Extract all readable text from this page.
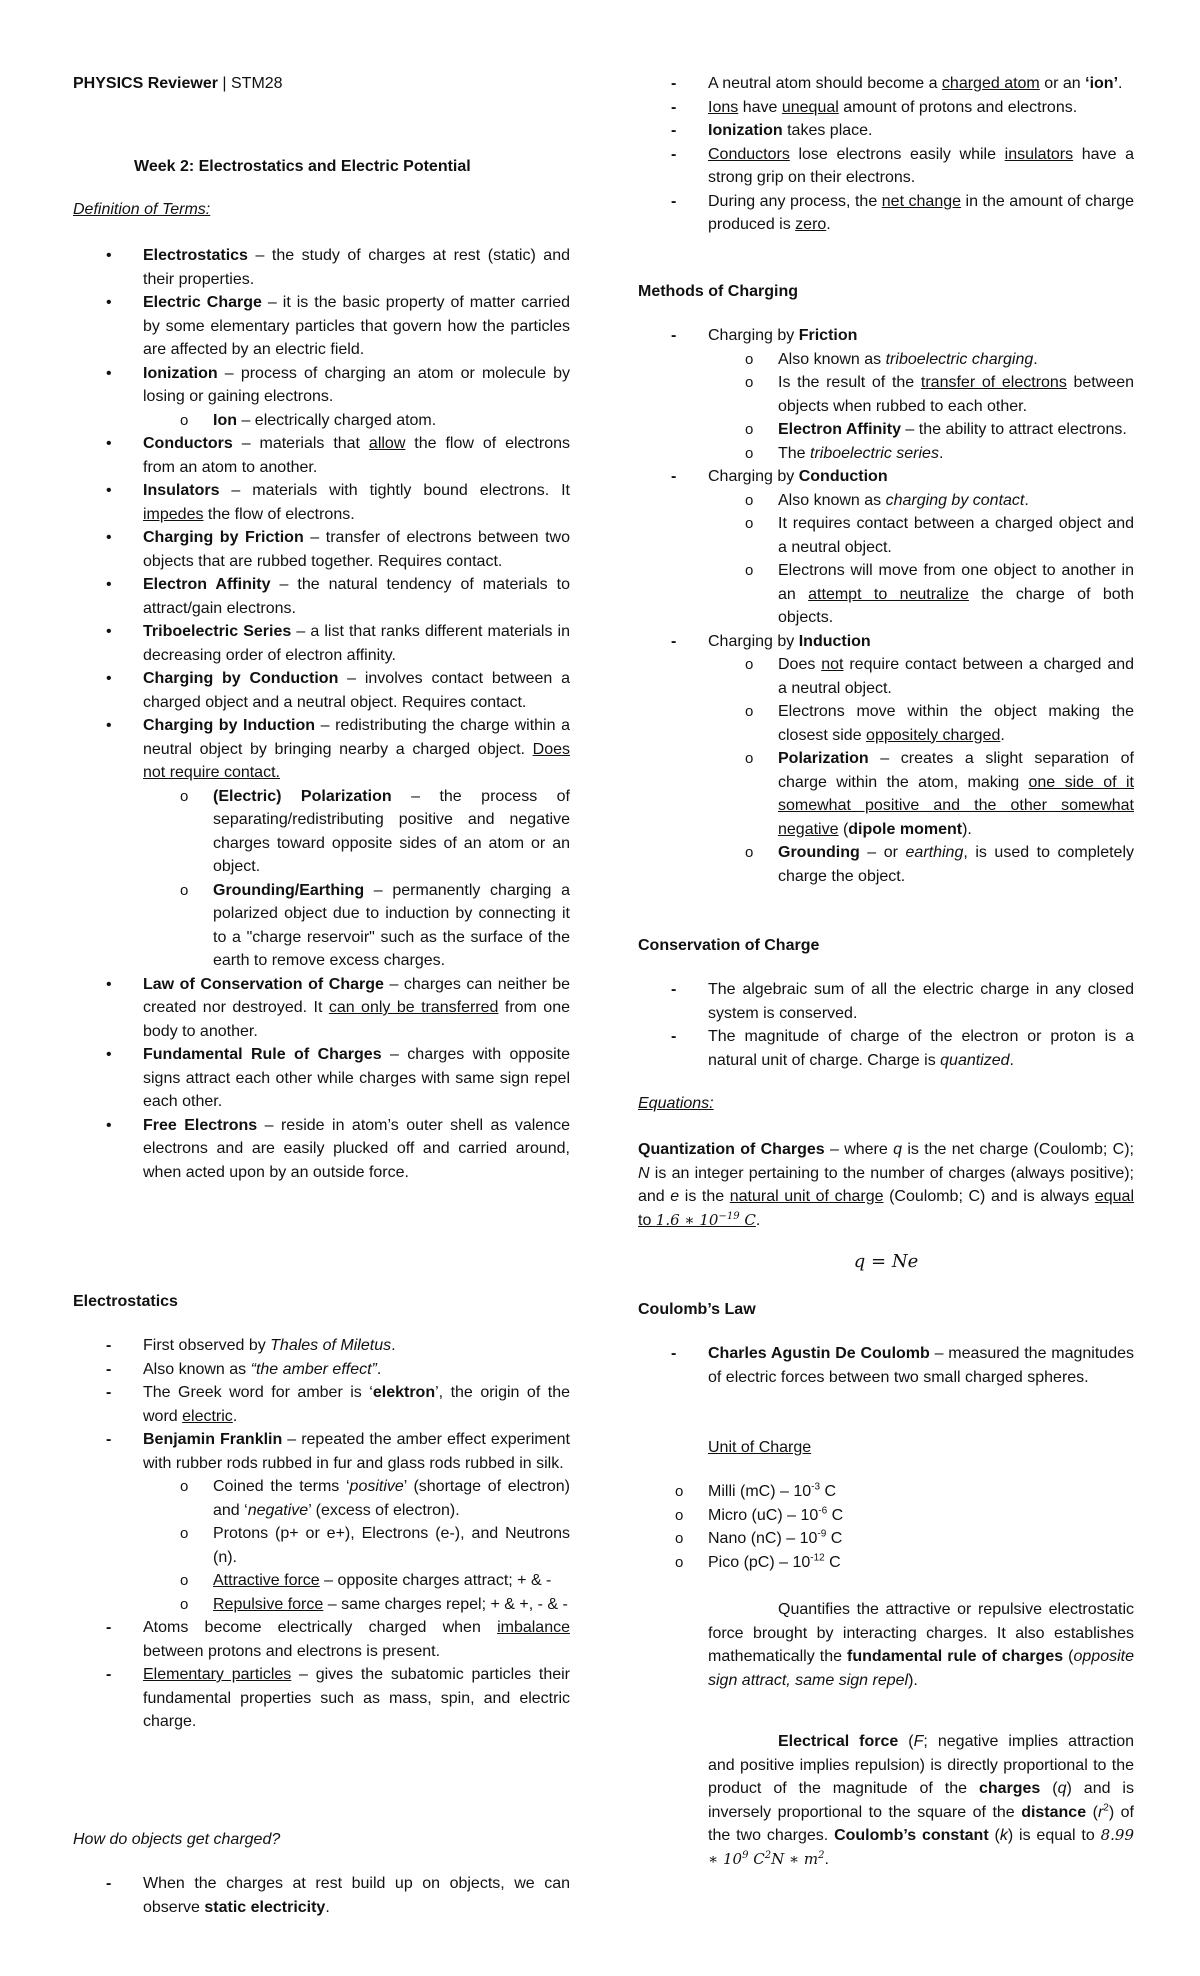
PHYSICS Reviewer | STM28
Week 2: Electrostatics and Electric Potential
Definition of Terms:
• Electrostatics – the study of charges at rest (static) and their properties.
• Electric Charge – it is the basic property of matter carried by some elementary particles that govern how the particles are affected by an electric field.
• Ionization – process of charging an atom or molecule by losing or gaining electrons.
o Ion – electrically charged atom.
• Conductors – materials that allow the flow of electrons from an atom to another.
• Insulators – materials with tightly bound electrons. It impedes the flow of electrons.
• Charging by Friction – transfer of electrons between two objects that are rubbed together. Requires contact.
• Electron Affinity – the natural tendency of materials to attract/gain electrons.
• Triboelectric Series – a list that ranks different materials in decreasing order of electron affinity.
• Charging by Conduction – involves contact between a charged object and a neutral object. Requires contact.
• Charging by Induction – redistributing the charge within a neutral object by bringing nearby a charged object. Does not require contact.
o (Electric) Polarization – the process of separating/redistributing positive and negative charges toward opposite sides of an atom or an object.
o Grounding/Earthing – permanently charging a polarized object due to induction by connecting it to a "charge reservoir" such as the surface of the earth to remove excess charges.
• Law of Conservation of Charge – charges can neither be created nor destroyed. It can only be transferred from one body to another.
• Fundamental Rule of Charges – charges with opposite signs attract each other while charges with same sign repel each other.
• Free Electrons – reside in atom’s outer shell as valence electrons and are easily plucked off and carried around, when acted upon by an outside force.
Electrostatics
- First observed by Thales of Miletus.
- Also known as “the amber effect”.
- The Greek word for amber is ‘elektron’, the origin of the word electric.
- Benjamin Franklin – repeated the amber effect experiment with rubber rods rubbed in fur and glass rods rubbed in silk.
o Coined the terms ‘positive’ (shortage of electron) and ‘negative’ (excess of electron).
o Protons (p+ or e+), Electrons (e-), and Neutrons (n).
o Attractive force – opposite charges attract; + & -
o Repulsive force – same charges repel; + & +, - & -
- Atoms become electrically charged when imbalance between protons and electrons is present.
- Elementary particles – gives the subatomic particles their fundamental properties such as mass, spin, and electric charge.
How do objects get charged?
- When the charges at rest build up on objects, we can observe static electricity.
- A neutral atom should become a charged atom or an ‘ion’.
- Ions have unequal amount of protons and electrons.
- Ionization takes place.
- Conductors lose electrons easily while insulators have a strong grip on their electrons.
- During any process, the net change in the amount of charge produced is zero.
Methods of Charging
- Charging by Friction
o Also known as triboelectric charging.
o Is the result of the transfer of electrons between objects when rubbed to each other.
o Electron Affinity – the ability to attract electrons.
o The triboelectric series.
- Charging by Conduction
o Also known as charging by contact.
o It requires contact between a charged object and a neutral object.
o Electrons will move from one object to another in an attempt to neutralize the charge of both objects.
- Charging by Induction
o Does not require contact between a charged and a neutral object.
o Electrons move within the object making the closest side oppositely charged.
o Polarization – creates a slight separation of charge within the atom, making one side of it somewhat positive and the other somewhat negative (dipole moment).
o Grounding – or earthing, is used to completely charge the object.
Conservation of Charge
- The algebraic sum of all the electric charge in any closed system is conserved.
- The magnitude of charge of the electron or proton is a natural unit of charge. Charge is quantized.
Equations:
Quantization of Charges – where q is the net charge (Coulomb; C); N is an integer pertaining to the number of charges (always positive); and e is the natural unit of charge (Coulomb; C) and is always equal to 1.6 ∗ $10^{-19}$ C.
q = Ne
Coulomb’s Law
- Charles Agustin De Coulomb – measured the magnitudes of electric forces between two small charged spheres.
Unit of Charge
o Milli $(mC) - 10^{-3}$ C
o Micro $(uC) - 10^{-6}$ C
o Nano $(nC) - 10^{-9}$ C
o Pico $(pC) - 10^{-12}$ C
Quantifies the attractive or repulsive electrostatic force brought by interacting charges. It also establishes mathematically the fundamental rule of charges (opposite sign attract, same sign repel).
Electrical force (F; negative implies attraction and positive implies repulsion) is directly proportional to the product of the magnitude of the charges (q) and is inversely proportional to the square of the distance $(r^2)$ of the two charges. Coulomb’s constant (k) is equal to 8.99 ∗ $10^9$ $C^2N$ ∗ $m^2$.
